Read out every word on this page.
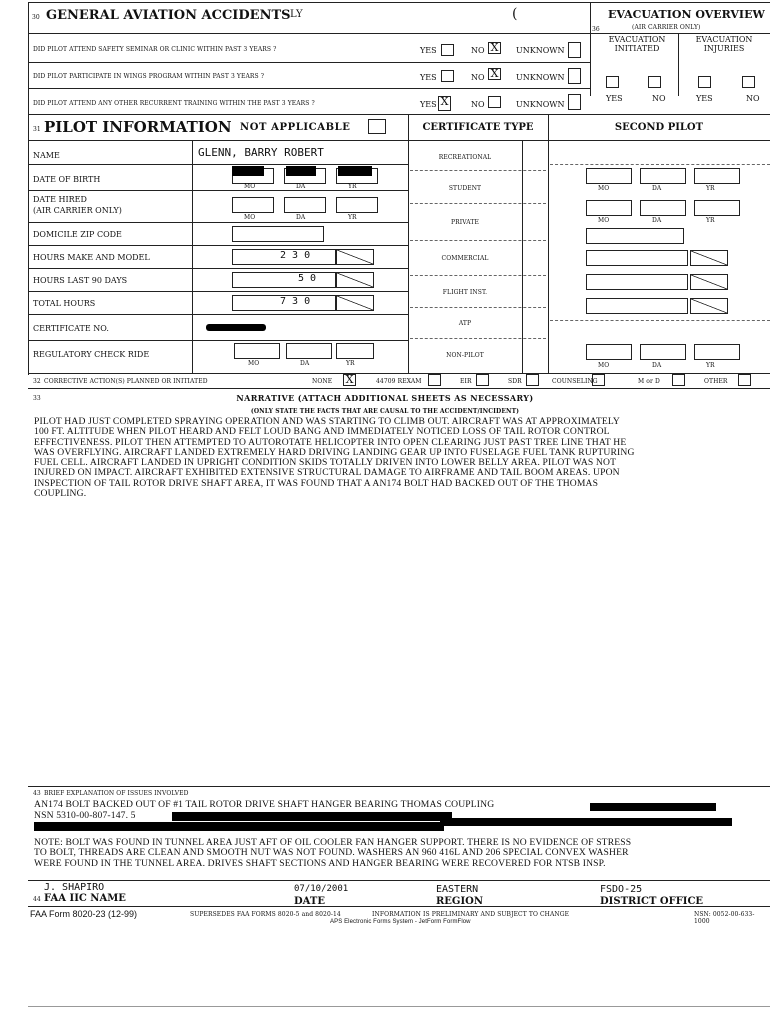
30 GENERAL AVIATION ACCIDENTS LY	(
36
EVACUATION OVERVIEW
(AIR CARRIER ONLY)
EVACUATION INITIATED
EVACUATION INJURIES
YES	NO	YES	NO
DID PILOT ATTEND SAFETY SEMINAR OR CLINIC WITHIN PAST 3 YEARS ?	YES	NO X	UNKNOWN
DID PILOT PARTICIPATE IN WINGS PROGRAM WITHIN PAST 3 YEARS ?	YES	NO X	UNKNOWN
DID PILOT ATTEND ANY OTHER RECURRENT TRAINING WITHIN THE PAST 3 YEARS ?	YES X	NO	UNKNOWN
31 PILOT INFORMATION NOT APPLICABLE	CERTIFICATE TYPE	SECOND PILOT
NAME	GLENN, BARRY ROBERT
DATE OF BIRTH
MO	DA	YR
DATE HIRED
(AIR CARRIER ONLY)
MO	DA	YR
DOMICILE ZIP CODE
HOURS MAKE AND MODEL	2 3 0
HOURS LAST 90 DAYS	5 0
TOTAL HOURS	7 3 0
CERTIFICATE NO.
REGULATORY CHECK RIDE
MO	DA	YR
RECREATIONAL
STUDENT
PRIVATE
COMMERCIAL
FLIGHT INST.
ATP
NON-PILOT
MO	DA	YR
MO	DA	YR
MO	DA	YR
32 CORRECTIVE ACTION(S) PLANNED OR INITIATED	NONE X	44709 REXAM	EIR	SDR	COUNSELING	M or D	OTHER
33	NARRATIVE (ATTACH ADDITIONAL SHEETS AS NECESSARY)
(ONLY STATE THE FACTS THAT ARE CAUSAL TO THE ACCIDENT/INCIDENT)
PILOT HAD JUST COMPLETED SPRAYING OPERATION AND WAS STARTING TO CLIMB OUT. AIRCRAFT WAS AT APPROXIMATELY
100 FT. ALTITUDE WHEN PILOT HEARD AND FELT LOUD BANG AND IMMEDIATELY NOTICED LOSS OF TAIL ROTOR CONTROL
EFFECTIVENESS. PILOT THEN ATTEMPTED TO AUTOROTATE HELICOPTER INTO OPEN CLEARING JUST PAST TREE LINE THAT HE
WAS OVERFLYING. AIRCRAFT LANDED EXTREMELY HARD DRIVING LANDING GEAR UP INTO FUSELAGE FUEL TANK RUPTURING
FUEL CELL. AIRCRAFT LANDED IN UPRIGHT CONDITION SKIDS TOTALLY DRIVEN INTO LOWER BELLY AREA. PILOT WAS NOT
INJURED ON IMPACT. AIRCRAFT EXHIBITED EXTENSIVE STRUCTURAL DAMAGE TO AIRFRAME AND TAIL BOOM AREAS. UPON
INSPECTION OF TAIL ROTOR DRIVE SHAFT AREA, IT WAS FOUND THAT A AN174 BOLT HAD BACKED OUT OF THE THOMAS
COUPLING.
43 BRIEF EXPLANATION OF ISSUES INVOLVED
AN174 BOLT BACKED OUT OF #1 TAIL ROTOR DRIVE SHAFT HANGER BEARING THOMAS COUPLING
NSN 5310-00-807-147. 5
NOTE: BOLT WAS FOUND IN TUNNEL AREA JUST AFT OF OIL COOLER FAN HANGER SUPPORT. THERE IS NO EVIDENCE OF STRESS
TO BOLT, THREADS ARE CLEAN AND SMOOTH NUT WAS NOT FOUND. WASHERS AN 960 416L AND 206 SPECIAL CONVEX WASHER
WERE FOUND IN THE TUNNEL AREA. DRIVES SHAFT SECTIONS AND HANGER BEARING WERE RECOVERED FOR NTSB INSP.
J. SHAPIRO
44 FAA IIC NAME
07/10/2001
DATE
EASTERN
REGION
FSDO-25
DISTRICT OFFICE
FAA Form 8020-23 (12-99)	SUPERSEDES FAA FORMS 8020-5 and 8020-14	INFORMATION IS PRELIMINARY AND SUBJECT TO CHANGE	NSN: 0052-00-633-1000
APS Electronic Forms System - JetForm FormFlow
